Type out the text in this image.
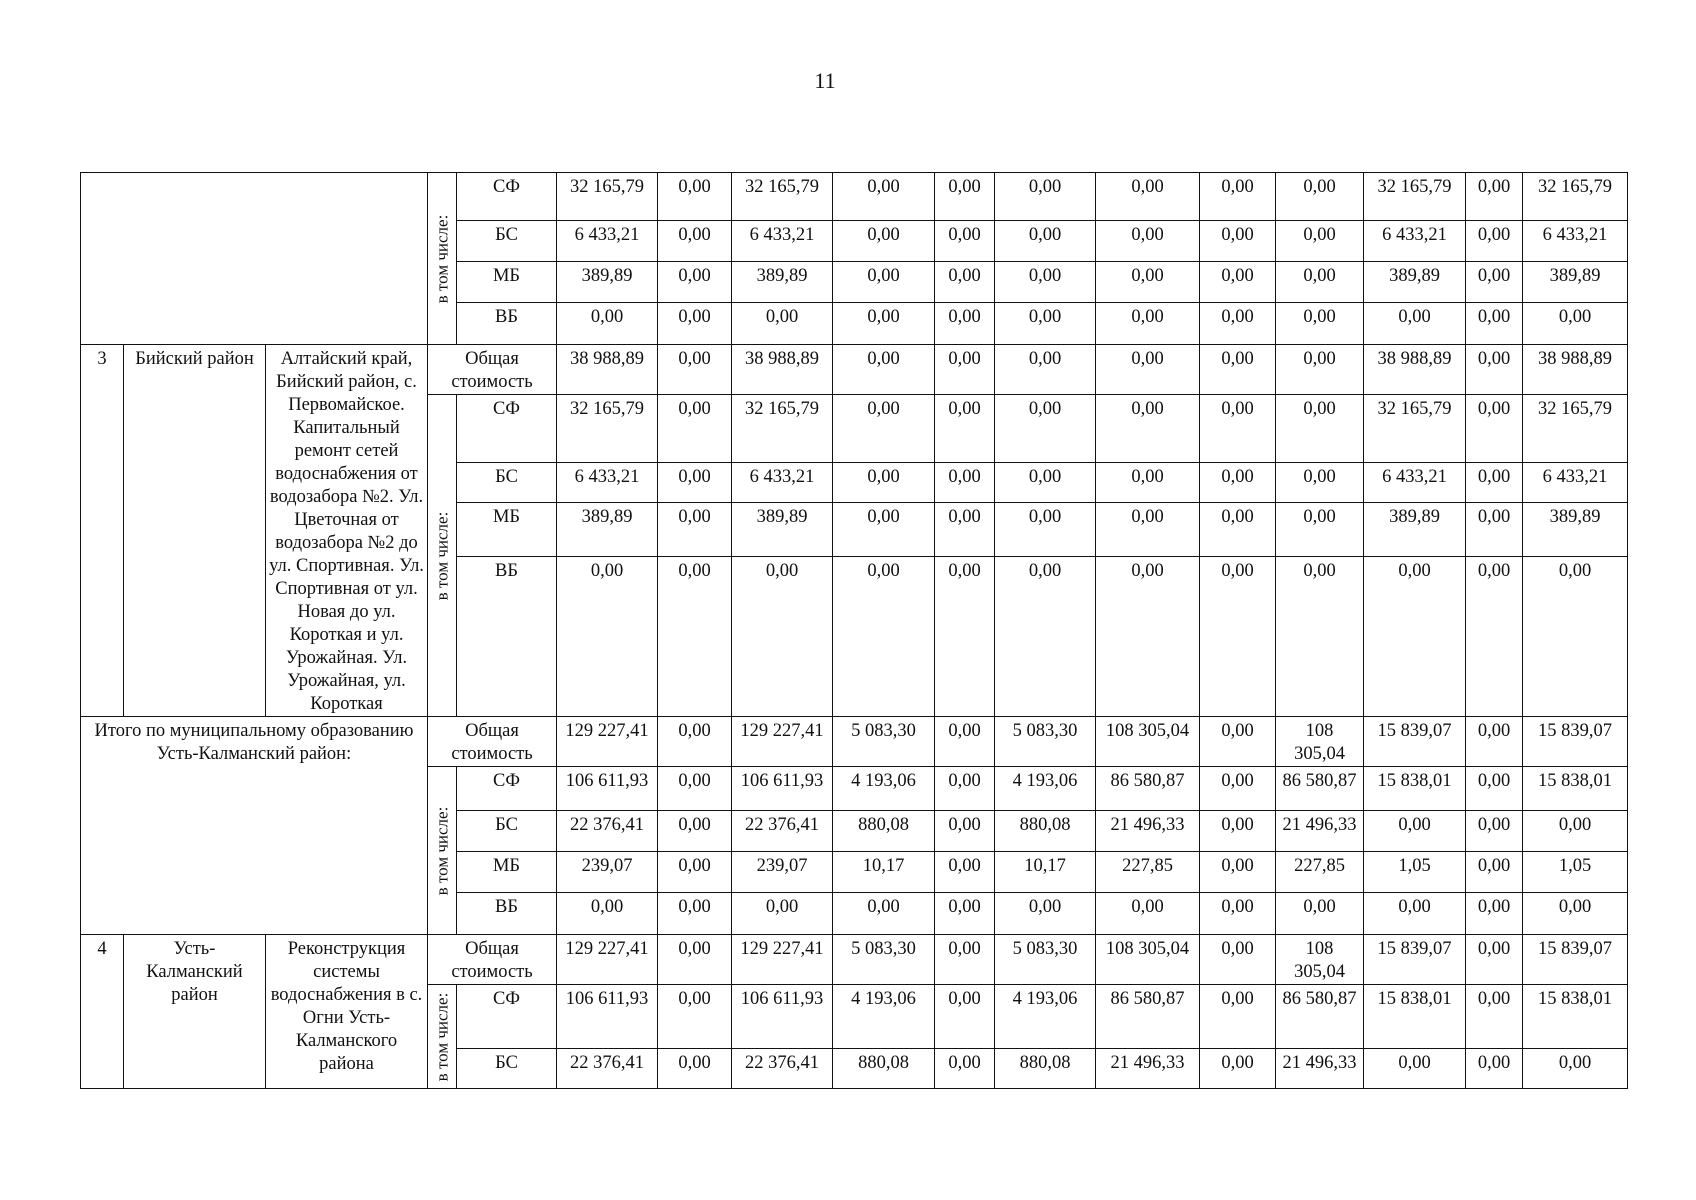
11

			в том числе:	СФ	32 165,79	0,00	32 165,79	0,00	0,00	0,00	0,00	0,00	0,00	32 165,79	0,00	32 165,79
				БС	6 433,21	0,00	6 433,21	0,00	0,00	0,00	0,00	0,00	0,00	6 433,21	0,00	6 433,21
				МБ	389,89	0,00	389,89	0,00	0,00	0,00	0,00	0,00	0,00	389,89	0,00	389,89
				ВБ	0,00	0,00	0,00	0,00	0,00	0,00	0,00	0,00	0,00	0,00	0,00	0,00
3	Бийский район	Алтайский край, Бийский район, с. Первомайское. Капитальный ремонт сетей водоснабжения от водозабора №2. Ул. Цветочная от водозабора №2 до ул. Спортивная. Ул. Спортивная от ул. Новая до ул. Короткая и ул. Урожайная. Ул. Урожайная, ул. Короткая	Общая стоимость		38 988,89	0,00	38 988,89	0,00	0,00	0,00	0,00	0,00	0,00	38 988,89	0,00	38 988,89

			в том числе:	СФ	32 165,79	0,00	32 165,79	0,00	0,00	0,00	0,00	0,00	0,00	32 165,79	0,00	32 165,79
				БС	6 433,21	0,00	6 433,21	0,00	0,00	0,00	0,00	0,00	0,00	6 433,21	0,00	6 433,21
				МБ	389,89	0,00	389,89	0,00	0,00	0,00	0,00	0,00	0,00	389,89	0,00	389,89
				ВБ	0,00	0,00	0,00	0,00	0,00	0,00	0,00	0,00	0,00	0,00	0,00	0,00
Итого по муниципальному образованию Усть-Калманский район:			Общая стоимость		129 227,41	0,00	129 227,41	5 083,30	0,00	5 083,30	108 305,04	0,00	108 305,04	15 839,07	0,00	15 839,07

			в том числе:	СФ	106 611,93	0,00	106 611,93	4 193,06	0,00	4 193,06	86 580,87	0,00	86 580,87	15 838,01	0,00	15 838,01
				БС	22 376,41	0,00	22 376,41	880,08	0,00	880,08	21 496,33	0,00	21 496,33	0,00	0,00	0,00
				МБ	239,07	0,00	239,07	10,17	0,00	10,17	227,85	0,00	227,85	1,05	0,00	1,05
				ВБ	0,00	0,00	0,00	0,00	0,00	0,00	0,00	0,00	0,00	0,00	0,00	0,00
4	Усть-Калманский район	Реконструкция системы водоснабжения в с. Огни Усть-Калманского района	Общая стоимость		129 227,41	0,00	129 227,41	5 083,30	0,00	5 083,30	108 305,04	0,00	108 305,04	15 839,07	0,00	15 839,07

			в том числе:	СФ	106 611,93	0,00	106 611,93	4 193,06	0,00	4 193,06	86 580,87	0,00	86 580,87	15 838,01	0,00	15 838,01
				БС	22 376,41	0,00	22 376,41	880,08	0,00	880,08	21 496,33	0,00	21 496,33	0,00	0,00	0,00
